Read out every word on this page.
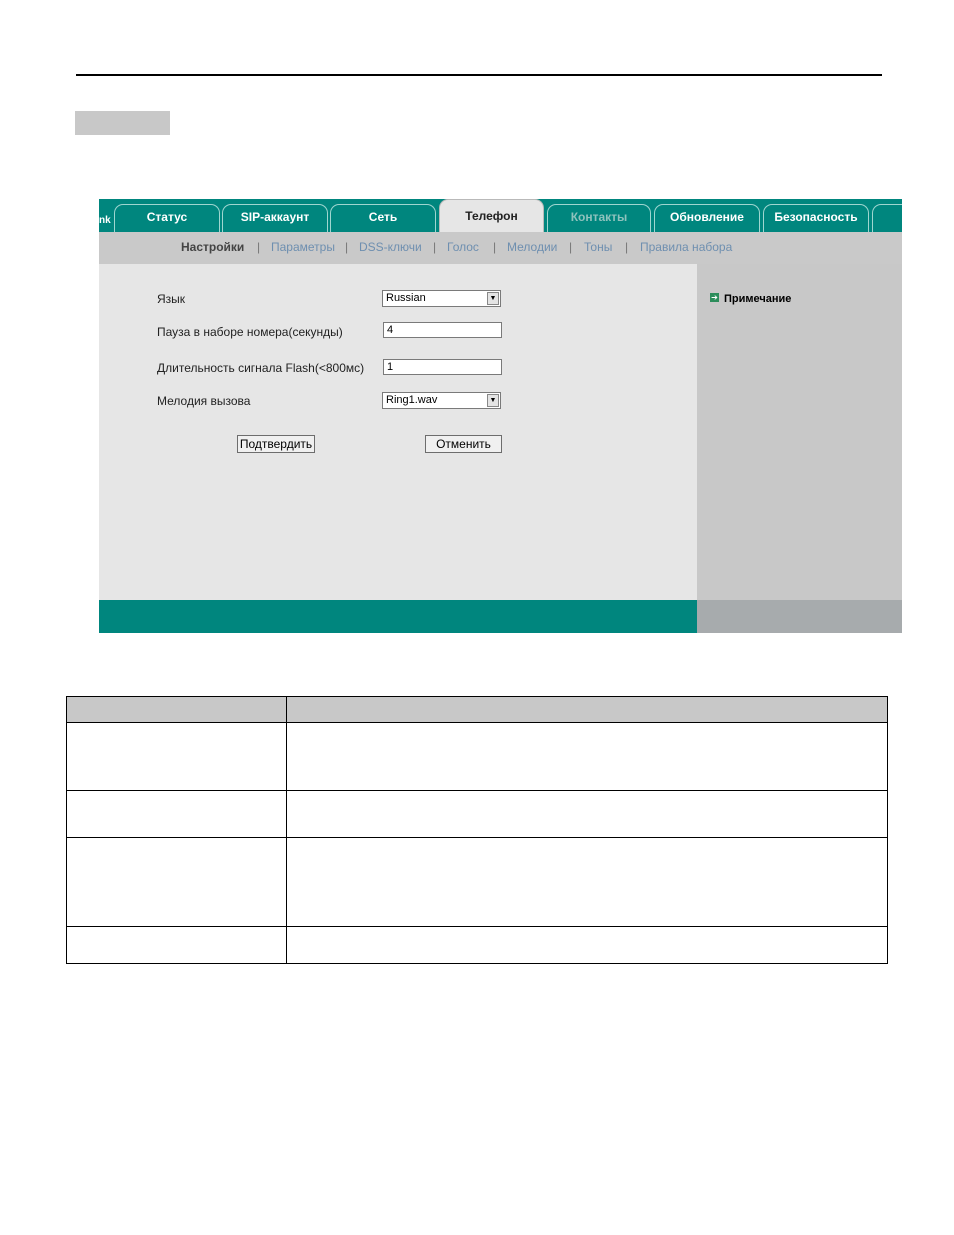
nk	Статус	SIP-аккаунт	Сеть	Телефон	Контакты	Обновление	Безопасность
Настройки | Параметры | DSS-ключи | Голос | Мелодии | Тоны | Правила набора
Язык	Russian	▼
Пауза в наборе номера(секунды)	4
Длительность сигнала Flash(<800мс)	1
Мелодия вызова	Ring1.wav	▼
Подтвердить	Отменить
➔ Примечание
